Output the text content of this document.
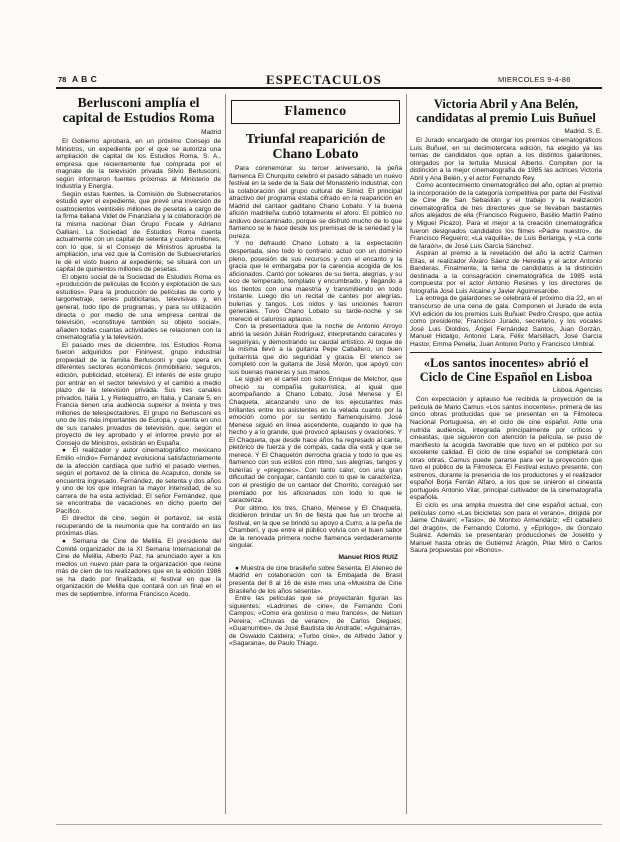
78 A B C	ESPECTACULOS	MIERCOLES 9-4-86
Berlusconi amplía el capital de Estudios Roma
Madrid

El Gobierno aprobará, en un próximo Consejo de Ministros, un expediente por el que se autoriza una ampliación de capital de los Estudios Roma, S. A., empresa que recientemente fue comprada por el magnate de la televisión privada Silvio Berlusconi, según informaron fuentes próximas al Ministerio de Industria y Energía.

Según estas fuentes, la Comisión de Subsecretarios estudió ayer el expediente, que prevé una inversión de cuatrocientos veintiséis millones de pesetas a cargo de la firma italiana Videt de Finanziaria y la colaboración de la misma nacional Gian Grupo Focale y Adriano Galliani. La Sociedad de Estudios Roma cuenta actualmente con un capital de setenta y cuatro millones, con lo que, si el Consejo de Ministros aprueba la ampliación, una vez que la Comisión de Subsecretarios le dé el visto bueno al expediente, se situará con un capital de quinientos millones de pesetas.

El objeto social de la Sociedad de Estudios Roma es «producción de películas de ficción y explotación de sus estudios». Para la producción de películas de corto y largometraje, series publicitarias, televisivas y, en general, todo tipo de programas, y para su utilización directa o por medio de una empresa central de televisión, «constituye también su objeto social», añaden todas cuantas actividades se relacionen con la cinematografía y la televisión.

El pasado mes de diciembre, los Estudios Roma fueron adquiridos por Fininvest, grupo industrial propiedad de la familia Berlusconi y que opera en diferentes sectores económicos (inmobiliario, seguros, edición, publicidad, etcétera). El interés de este grupo por entrar en el sector televisivo y el cambio a medio plazo de la televisión privada. Sus tres canales privados, Italia 1, y Retequattro, en Italia, y Canale 5, en Francia tienen una audiencia superior a treinta y tres millones de telespectadores. El grupo no Berlusconi es uno de los más importantes de Europa, y cuenta en uno de sus canales privados de televisión, que, según el proyecto de ley aprobado y el informe previo por el Consejo de Ministros, existirán en España.

● El realizador y autor cinematográfico mexicano Emilio «Indio» Fernández evoluciona satisfactoriamente de la afección cardíaca que sufrió el pasado viernes, según el portavoz de la clínica de Acapulco, donde se encuentra ingresado. Fernández, de setenta y dos años y uno de los que integran la mayor intensidad, de su carrera de ha esta actividad. El señor Fernández, que se encontraba de vacaciones en dicho puerto del Pacífico.

El director de cine, según el portavoz, se está recuperando de la neumonía que ha contraído en las próximas días.

● Semana de Cine de Melilla. El presidente del Comité organizador de la XI Semana Internacional de Cine de Melilla, Alberto Paz, ha anunciado ayer a los medios un nuevo plan para la organización que reúne más de cien de los realizadores que en la edición 1986 se ha dado por finalizada, el festival en que la organización de Melilla que contará con un final en el mes de septiembre, informa Francisco Acedo.

Flamenco
Triunfal reaparición de Chano Lobato

Para conmemorar su tercer aniversario, la peña flamenca El Churquito celebró el pasado sábado un nuevo festival en la sede de la Sala del Monasterio Industrial, con la colaboración del grupo cultural de Simid. El principal atractivo del programa estaba cifrado en la reaparición en Madrid del cantaor gaditano Chano Lobato. Y la buena afición madrileña cubrió totalmente el aforo. El público no anduvo descaminado, porque se disfrutó mucho de lo que flamenco se le hace desde los premisas de la seriedad y la pureza.

Y no defraudó Chano Lobato a la expectación despertada, sino todo lo contrario: actuó con un dominio pleno, posesión de sus recursos y con el encanto y la gracia que le embargaba por la carencia acogida de los aficionados. Cantó por soleares de su tierra, alegrías, y su eco de temperado, templado y encumbrado, y llegando a los tientos con una maestría y transmitiendo en todo instante. Luego dio un recital de cantes por alegrías, bulerías y tangos. Los oídos y las unciones fueron generales. Tuvo Chano Lobato su tarde-noche y se mereció el caluroso aplauso.

Con la presentadora que la noche de Antonio Arroyo abrió la sesión Julián Rodríguez, interpretando caracoles y seguiriyas, y demostrando su caudal artístico. Al toque de la misma llevó a la guitarra Pepe Caballero, un buen guitarrista que dio seguridad y gracia. El elenco se completó con la guitarra de José Morón, que apoyó con sus buenas maneras y sus manos.

Le siguió en el cartel con solo Enrique de Melchor, que ofreció su compañía guitarrística, al igual que acompañando a Chano Lobato, José Menese y El Chaqueta, alcanzando uno de los ejecutantes más brillantes entre los asistentes en la velada cuanto por la emoción como por su sentido flamenquísimo. José Menese siguió en línea ascendente, cuajando lo que ha hecho y a lo grande, que provocó aplausos y ovaciones. Y El Chaqueta, que desde hace años ha regresado al cante, pletórico de fuerza y de compás, cada día está y que se merece. Y El Chaquetón derrocha gracia y todo lo que es flamenco con sus estilos con ritmo, sus alegrías, tangos y bulerías y «pregones». Con tanto calor, con una gran dificultad de conjugar, cantando con lo que le caracteriza, con el prestigio de un cantaor del Chorrito, consiguió ser premiado por los aficionados con todo lo que le caracteriza.

Por último, los tres, Chano, Menese y El Chaqueta, dicidieron brindar un fin de fiesta que fue un broche al festival, en la que se brindó su apoyo a Curro, a la peña de Chamberí, y que entre el público volvía con el buen sabor de la renovada primera noche flamenca verdaderamente singular.

Manuel RIOS RUIZ

● Muestra de cine brasileño sobre Sesenta. El Ateneo de Madrid en colaboración con la Embajada de Brasil presenta del 8 al 16 de este mes una «Muestra de Cine Brasileño de los años sesenta».

Entre las películas que se proyectarán figuran las siguientes: «Ladrones de cine», de Fernando Coni Campos; «Como era gostoso o meu francés», de Nelson Pereira; «Chuvas de verano», de Carlos Diegues; «Guarnumbe», de José Bautista de Andrade; «Aguinarra», de Oswaldo Caldeira; «Turbo cine», de Alfredo Jabor y «Sagarana», de Paulo Thiago.

Victoria Abril y Ana Belén, candidatas al premio Luis Buñuel
Madrid. S. E.

El Jurado encargado de otorgar los premios cinematográficos Luis Buñuel, en su decimotercera edición, ha elegido ya las ternas de candidatos que optan a los distintos galardones, otorgados por la tertulia Musical Alberto. Compiten por la distinción a la mejor cinematografía de 1985 las actrices Victoria Abril y Ana Belén, y el actor Fernando Rey.

Como acontecimiento cinematográfico del año, optan al premio la incorporación de la categoría competitiva por parte del Festival de Cine de San Sebastián y el trabajo y la realización cinematográfica de tres directores que se llevaban bastantes años alejados de ella (Francisco Regueiro, Basilio Martín Patino y Miguel Picazo). Para el mejor a la creación cinematográfica fueron designados candidatos los filmes «Padre nuestro», de Francisco Regueiro; «La vaquilla», de Luis Berlanga, y «La corte de faraón», de José Luis García Sánchez.

Aspiran al premio a la revelación del año la actriz Carmen Elías, el realizador Álvaro Sáenz de Heredia y el actor Antonio Banderas. Finalmente, la terna de candidatos a la distinción destinada a la consagración cinematográfica de 1985 está compuesta por el actor Antonio Resines y los directores de fotografía José Luis Alcaine y Javier Aguirresarobe.

La entrega de galardones se celebrará el próximo día 22, en el transcurso de una cena de gala. Componen el Jurado de esta XVI edición de los premios Luis Buñuel: Pedro Crespo, que actúa como presidente; Francisco Jurado, secretario, y los vocales José Luis Dioldios, Ángel Fernández Santos, Juan Gorzán, Manuel Hidalgo, Antonio Lara, Félix Marsillach, José García Hastor, Emma Penella, Juan Antonio Porto y Francisco Umbral.

«Los santos inocentes» abrió el Ciclo de Cine Español en Lisboa
Lisboa. Agencias

Con expectación y aplauso fue recibida la proyección de la película de Mario Camus «Los santos inocentes», primera de las cinco obras producidas que se presentan en la Filmoteca Nacional Portuguesa, en el ciclo de cine español. Ante una nutrida audiencia, integrada principalmente por críticos y cineastas, que siguieron con atención la película, se puso de manifiesto la acogida favorable que tuvo en el público por su excelente calidad. El ciclo de cine español se completará con otras obras, Camus puede pararse para ver la proyección que tuvo el público de la Filmoteca. El Festival estuvo presente, con estrenos, durante la presencia de los productores y el realizador español Borja Ferrán Alfaro, a los que se unieron el cineasta portugués Antonio Vilar, principal cultivador de la cinematografía española.

El ciclo es una amplia muestra del cine español actual, con películas como «Las bicicletas son para el verano», dirigida por Jaime Chávarri; «Tasio», de Montxo Armendáriz; «El caballero del dragón», de Fernando Colomo, y «Epílogo», de Gonzalo Suárez. Además se presentarán producciones de Joselito y Manuel hasta obras de Gutiérrez Aragón, Pilar Miró o Carlos Saura propuestas por «Bonos».
